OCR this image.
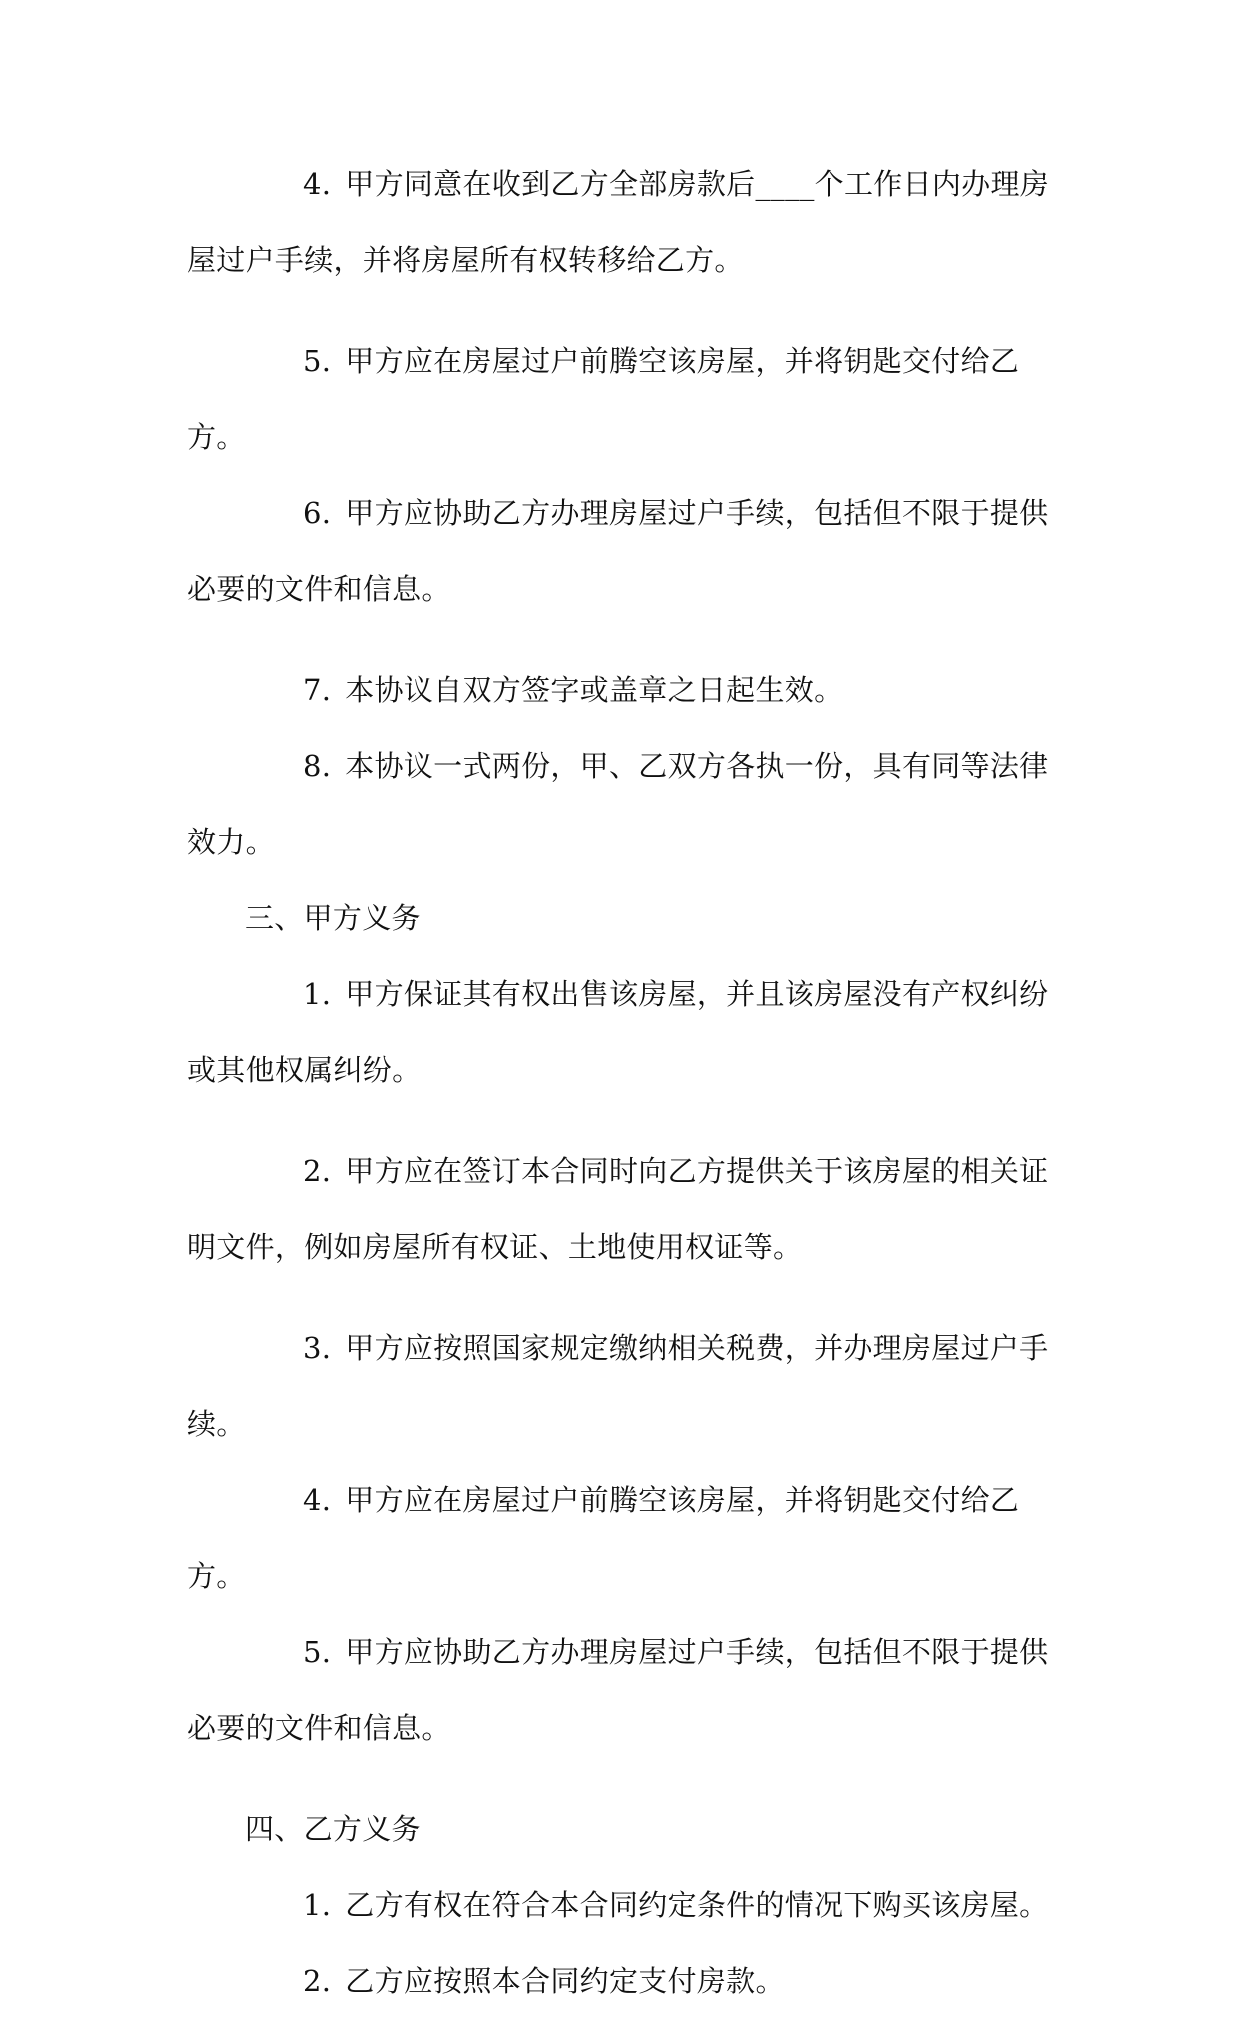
4. 甲方同意在收到乙方全部房款后____个工作日内办理房屋过户手续，并将房屋所有权转移给乙方。

5. 甲方应在房屋过户前腾空该房屋，并将钥匙交付给乙方。

6. 甲方应协助乙方办理房屋过户手续，包括但不限于提供必要的文件和信息。

7. 本协议自双方签字或盖章之日起生效。

8. 本协议一式两份，甲、乙双方各执一份，具有同等法律效力。

三、甲方义务

1. 甲方保证其有权出售该房屋，并且该房屋没有产权纠纷或其他权属纠纷。

2. 甲方应在签订本合同时向乙方提供关于该房屋的相关证明文件，例如房屋所有权证、土地使用权证等。

3. 甲方应按照国家规定缴纳相关税费，并办理房屋过户手续。

4. 甲方应在房屋过户前腾空该房屋，并将钥匙交付给乙方。

5. 甲方应协助乙方办理房屋过户手续，包括但不限于提供必要的文件和信息。

四、乙方义务

1. 乙方有权在符合本合同约定条件的情况下购买该房屋。

2. 乙方应按照本合同约定支付房款。
